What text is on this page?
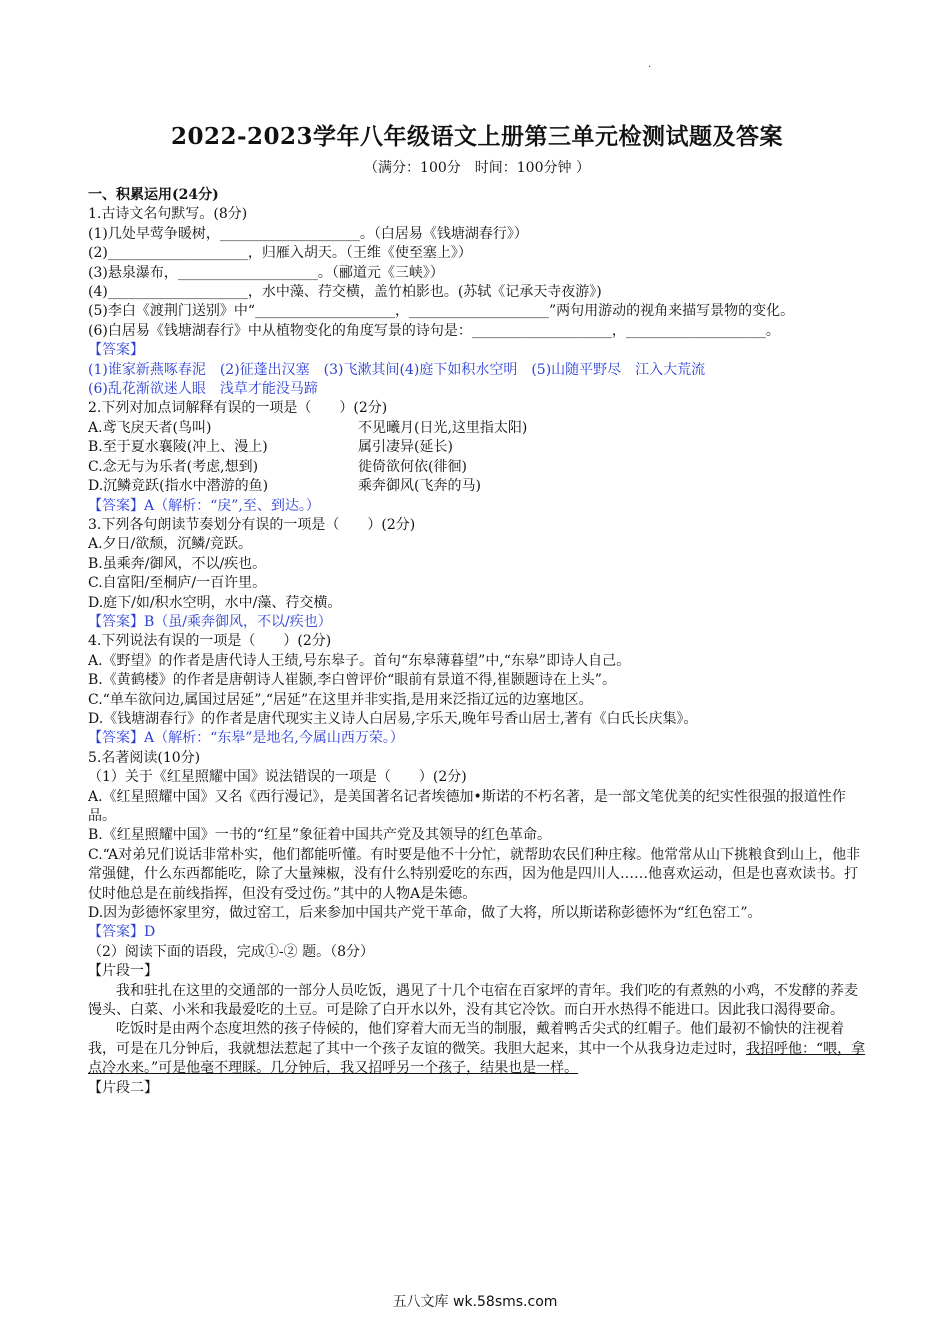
·
2022-2023学年八年级语文上册第三单元检测试题及答案
（满分：100分　时间：100分钟 ）
一、积累运用(24分)
1.古诗文名句默写。(8分)
(1)几处早莺争暖树，____________________。（白居易《钱塘湖春行》）
(2)____________________，归雁入胡天。（王维《使至塞上》）
(3)悬泉瀑布，____________________。（郦道元《三峡》）
(4)____________________，水中藻、荇交横，盖竹柏影也。(苏轼《记承天寺夜游》)
(5)李白《渡荆门送别》中“____________________，____________________”两句用游动的视角来描写景物的变化。
(6)白居易《钱塘湖春行》中从植物变化的角度写景的诗句是：____________________，____________________。
【答案】
(1)谁家新燕啄春泥　(2)征蓬出汉塞　(3)飞漱其间(4)庭下如积水空明　(5)山随平野尽　江入大荒流
(6)乱花渐欲迷人眼　浅草才能没马蹄
2.下列对加点词解释有误的一项是（　　）(2分)
A.鸢飞戾天者(鸟叫)	不见曦月(日光,这里指太阳)
B.至于夏水襄陵(冲上、漫上)	属引凄异(延长)
C.念无与为乐者(考虑,想到)	徙倚欲何依(徘徊)
D.沉鳞竞跃(指水中潜游的鱼)	乘奔御风(飞奔的马)
【答案】A（解析：“戾”,至、到达。）
3.下列各句朗读节奏划分有误的一项是（　　）(2分)
A.夕日/欲颓，沉鳞/竞跃。
B.虽乘奔/御风，不以/疾也。
C.自富阳/至桐庐/一百许里。
D.庭下/如/积水空明，水中/藻、荇交横。
【答案】B（虽/乘奔御风，不以/疾也）
4.下列说法有误的一项是（　　）(2分)
A.《野望》的作者是唐代诗人王绩,号东皋子。首句“东皋薄暮望”中,“东皋”即诗人自己。
B.《黄鹤楼》的作者是唐朝诗人崔颢,李白曾评价“眼前有景道不得,崔颢题诗在上头”。
C.“单车欲问边,属国过居延”,“居延”在这里并非实指,是用来泛指辽远的边塞地区。
D.《钱塘湖春行》的作者是唐代现实主义诗人白居易,字乐天,晚年号香山居士,著有《白氏长庆集》。
【答案】A（解析：“东皋”是地名,今属山西万荣。）
5.名著阅读(10分)
（1）关于《红星照耀中国》说法错误的一项是（　　）(2分)
A.《红星照耀中国》又名《西行漫记》，是美国著名记者埃德加•斯诺的不朽名著，是一部文笔优美的纪实性很强的报道性作品。
B.《红星照耀中国》一书的“红星”象征着中国共产党及其领导的红色革命。
C.“A对弟兄们说话非常朴实，他们都能听懂。有时要是他不十分忙，就帮助农民们种庄稼。他常常从山下挑粮食到山上，他非常强健，什么东西都能吃，除了大量辣椒，没有什么特别爱吃的东西，因为他是四川人……他喜欢运动，但是也喜欢读书。打仗时他总是在前线指挥，但没有受过伤。”其中的人物A是朱德。
D.因为彭德怀家里穷，做过窑工，后来参加中国共产党干革命，做了大将，所以斯诺称彭德怀为“红色窑工”。
【答案】D
（2）阅读下面的语段，完成①-② 题。（8分）
【片段一】
我和驻扎在这里的交通部的一部分人员吃饭，遇见了十几个屯宿在百家坪的青年。我们吃的有煮熟的小鸡，不发酵的荞麦馒头、白菜、小米和我最爱吃的土豆。可是除了白开水以外，没有其它冷饮。而白开水热得不能进口。因此我口渴得要命。
吃饭时是由两个态度坦然的孩子侍候的，他们穿着大而无当的制服，戴着鸭舌尖式的红帽子。他们最初不愉快的注视着我，可是在几分钟后，我就想法惹起了其中一个孩子友谊的微笑。我胆大起来，其中一个从我身边走过时，我招呼他：“喂，拿点冷水来。”可是他毫不理睬。几分钟后，我又招呼另一个孩子，结果也是一样。
【片段二】
五八文库 wk.58sms.com
